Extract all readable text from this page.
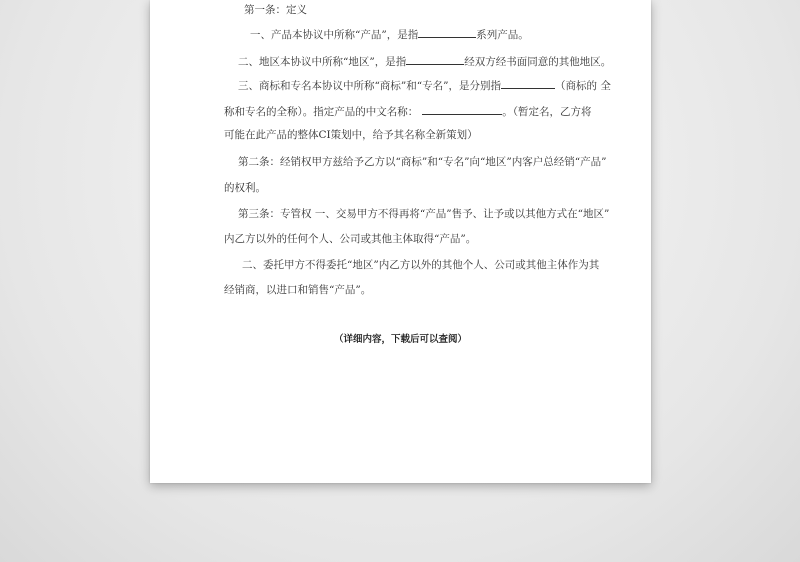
第一条：定义
一、产品本协议中所称“产品”，是指	系列产品。
二、地区本协议中所称“地区”，是指	经双方经书面同意的其他地区。
三、商标和专名本协议中所称“商标”和“专名”，是分别指	（商标的 全
称和专名的全称）。指定产品的中文名称：	。（暂定名，乙方将
可能在此产品的整体CI策划中，给予其名称全新策划）
第二条：经销权甲方兹给予乙方以“商标”和“专名”向“地区”内客户总经销“产品”
的权利。
第三条：专管权 一、交易甲方不得再将“产品”售予、让予或以其他方式在“地区”
内乙方以外的任何个人、公司或其他主体取得“产品”。
二、委托甲方不得委托“地区”内乙方以外的其他个人、公司或其他主体作为其
经销商，以进口和销售“产品”。
（详细内容，下载后可以查阅）
